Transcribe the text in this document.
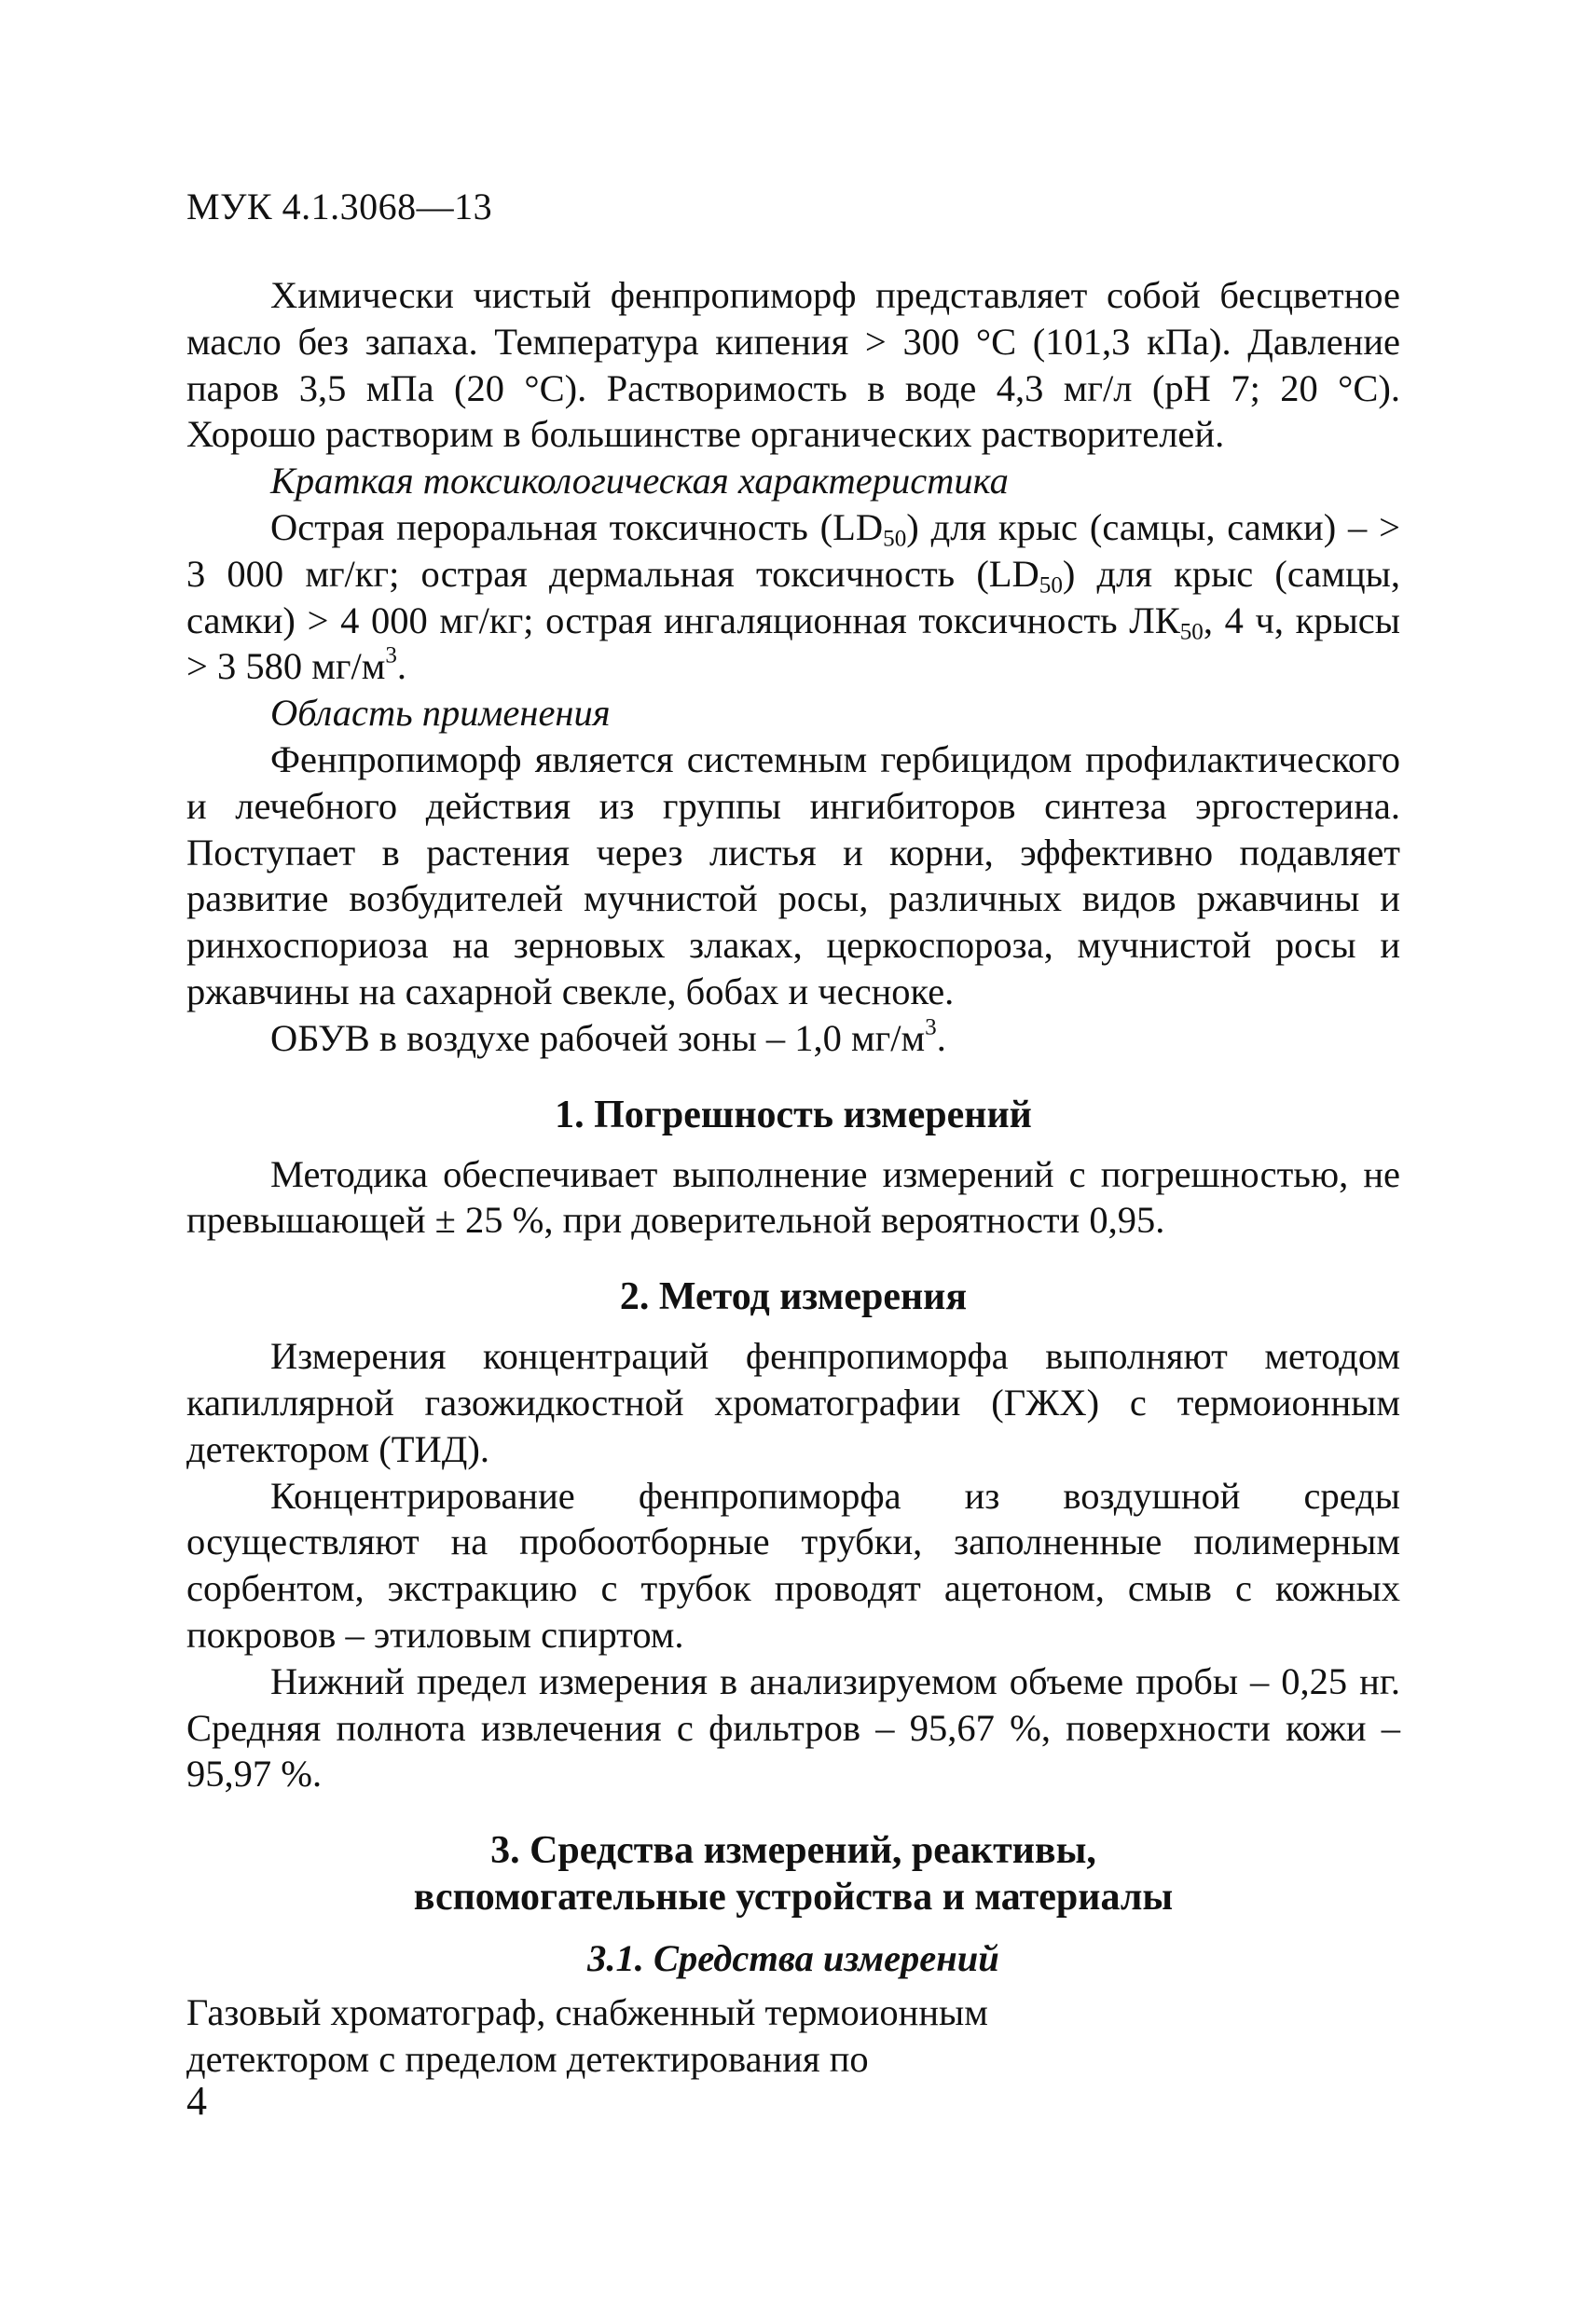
МУК 4.1.3068—13

Химически чистый фенпропиморф представляет собой бесцветное масло без запаха. Температура кипения > 300 °С (101,3 кПа). Давление паров 3,5 мПа (20 °С). Растворимость в воде 4,3 мг/л (рН 7; 20 °С). Хорошо растворим в большинстве органических растворителей.

Краткая токсикологическая характеристика

Острая пероральная токсичность $(LD_{50})$ для крыс (самцы, самки) – > 3 000 мг/кг; острая дермальная токсичность $(LD_{50})$ для крыс (самцы, самки) > 4 000 мг/кг; острая ингаляционная токсичность $ЛК_{50}$, 4 ч, крысы > 3 580 $мг/м^3$.

Область применения

Фенпропиморф является системным гербицидом профилактического и лечебного действия из группы ингибиторов синтеза эргостерина. Поступает в растения через листья и корни, эффективно подавляет развитие возбудителей мучнистой росы, различных видов ржавчины и ринхоспориоза на зерновых злаках, церкоспороза, мучнистой росы и ржавчины на сахарной свекле, бобах и чесноке.

ОБУВ в воздухе рабочей зоны – 1,0 $мг/м^3$.

1. Погрешность измерений

Методика обеспечивает выполнение измерений с погрешностью, не превышающей ± 25 %, при доверительной вероятности 0,95.

2. Метод измерения

Измерения концентраций фенпропиморфа выполняют методом капиллярной газожидкостной хроматографии (ГЖХ) с термоионным детектором (ТИД).

Концентрирование фенпропиморфа из воздушной среды осуществляют на пробоотборные трубки, заполненные полимерным сорбентом, экстракцию с трубок проводят ацетоном, смыв с кожных покровов – этиловым спиртом.

Нижний предел измерения в анализируемом объеме пробы – 0,25 нг. Средняя полнота извлечения с фильтров – 95,67 %, поверхности кожи – 95,97 %.

3. Средства измерений, реактивы,
вспомогательные устройства и материалы
3.1. Средства измерений

Газовый хроматограф, снабженный термоионным

детектором с пределом детектирования по

4
